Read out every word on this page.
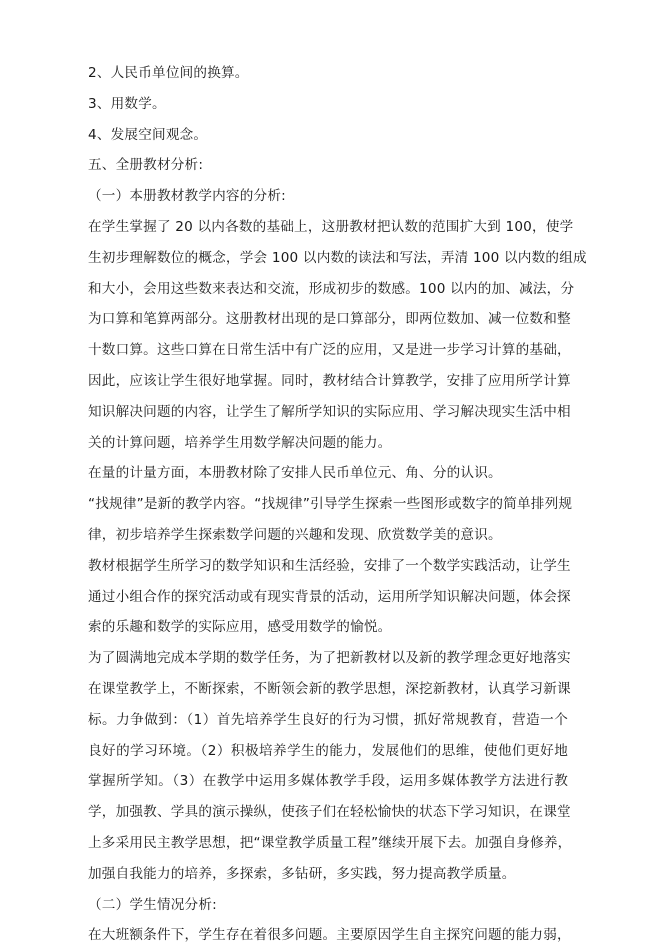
2、人民币单位间的换算。
3、用数学。
4、发展空间观念。
五、全册教材分析:
（一）本册教材教学内容的分析:
在学生掌握了 20 以内各数的基础上，这册教材把认数的范围扩大到 100，使学
生初步理解数位的概念，学会 100 以内数的读法和写法，弄清 100 以内数的组成
和大小，会用这些数来表达和交流，形成初步的数感。100 以内的加、减法，分
为口算和笔算两部分。这册教材出现的是口算部分，即两位数加、减一位数和整
十数口算。这些口算在日常生活中有广泛的应用，又是进一步学习计算的基础，
因此，应该让学生很好地掌握。同时，教材结合计算教学，安排了应用所学计算
知识解决问题的内容，让学生了解所学知识的实际应用、学习解决现实生活中相
关的计算问题，培养学生用数学解决问题的能力。
在量的计量方面，本册教材除了安排人民币单位元、角、分的认识。
“找规律”是新的教学内容。“找规律”引导学生探索一些图形或数字的简单排列规
律，初步培养学生探索数学问题的兴趣和发现、欣赏数学美的意识。
教材根据学生所学习的数学知识和生活经验，安排了一个数学实践活动，让学生
通过小组合作的探究活动或有现实背景的活动，运用所学知识解决问题，体会探
索的乐趣和数学的实际应用，感受用数学的愉悦。
为了圆满地完成本学期的数学任务，为了把新教材以及新的教学理念更好地落实
在课堂教学上，不断探索，不断领会新的教学思想，深挖新教材，认真学习新课
标。力争做到：（1）首先培养学生良好的行为习惯，抓好常规教育，营造一个
良好的学习环境。（2）积极培养学生的能力，发展他们的思维，使他们更好地
掌握所学知。（3）在教学中运用多媒体教学手段，运用多媒体教学方法进行教
学，加强教、学具的演示操纵，使孩子们在轻松愉快的状态下学习知识，在课堂
上多采用民主教学思想，把“课堂教学质量工程”继续开展下去。加强自身修养，
加强自我能力的培养，多探索，多钻研，多实践，努力提高教学质量。
（二）学生情况分析:
在大班额条件下，学生存在着很多问题。主要原因学生自主探究问题的能力弱，
